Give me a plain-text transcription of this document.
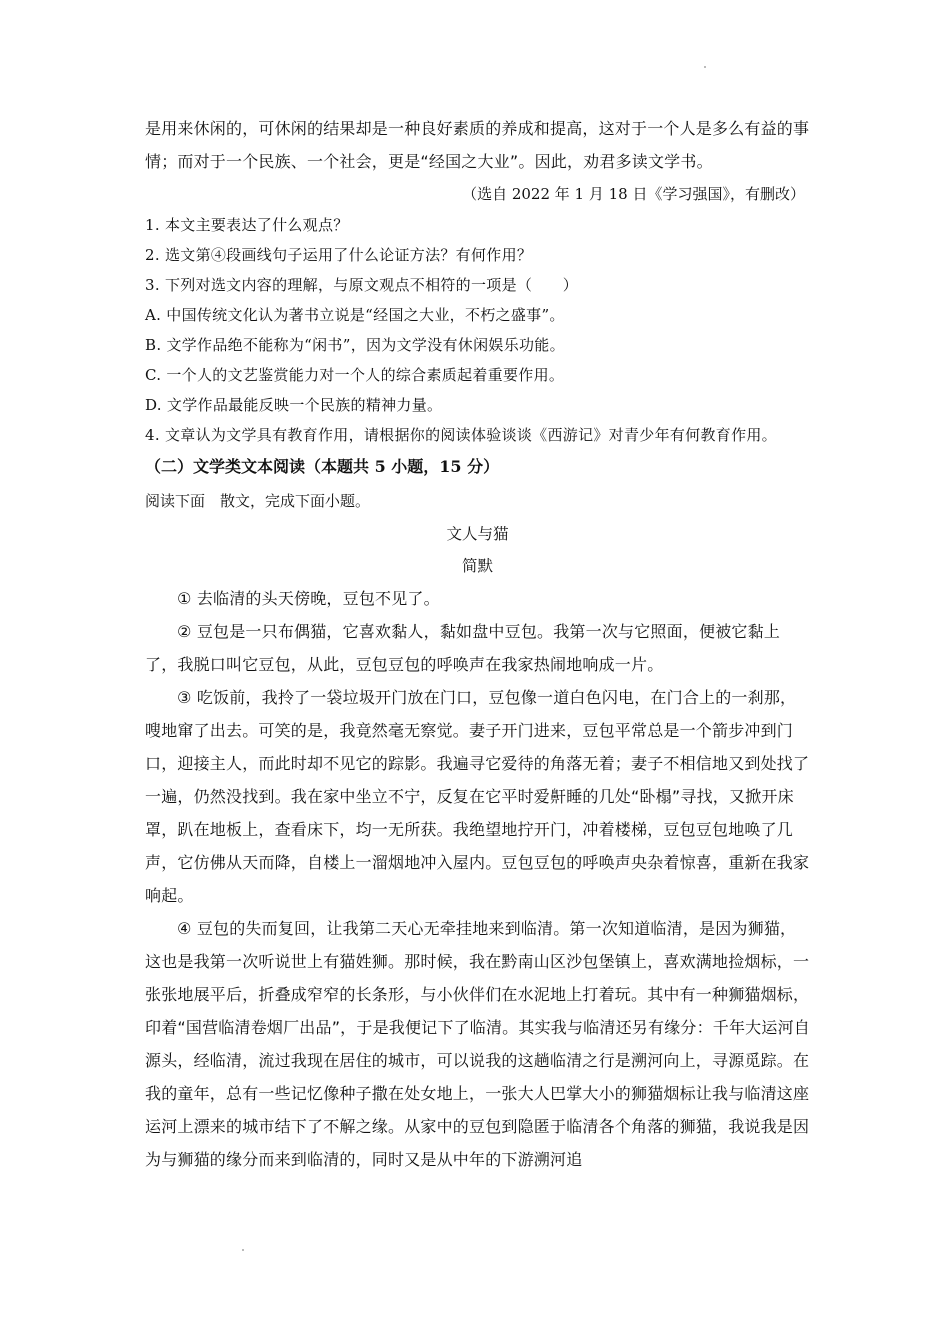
是用来休闲的，可休闲的结果却是一种良好素质的养成和提高，这对于一个人是多么有益的事情；而对于一个民族、一个社会，更是“经国之大业”。因此，劝君多读文学书。

（选自 2022 年 1 月 18 日《学习强国》，有删改）

1. 本文主要表达了什么观点？

2. 选文第④段画线句子运用了什么论证方法？有何作用？

3. 下列对选文内容的理解，与原文观点不相符的一项是（　　）

A. 中国传统文化认为著书立说是“经国之大业，不朽之盛事”。

B. 文学作品绝不能称为“闲书”，因为文学没有休闲娱乐功能。

C. 一个人的文艺鉴赏能力对一个人的综合素质起着重要作用。

D. 文学作品最能反映一个民族的精神力量。

4. 文章认为文学具有教育作用，请根据你的阅读体验谈谈《西游记》对青少年有何教育作用。

（二）文学类文本阅读（本题共 5 小题，15 分）

阅读下面　散文，完成下面小题。

文人与猫

简默

① 去临清的头天傍晚，豆包不见了。

② 豆包是一只布偶猫，它喜欢黏人，黏如盘中豆包。我第一次与它照面，便被它黏上了，我脱口叫它豆包，从此，豆包豆包的呼唤声在我家热闹地响成一片。

③ 吃饭前，我拎了一袋垃圾开门放在门口，豆包像一道白色闪电，在门合上的一刹那，嗖地窜了出去。可笑的是，我竟然毫无察觉。妻子开门进来，豆包平常总是一个箭步冲到门口，迎接主人，而此时却不见它的踪影。我遍寻它爱待的角落无着；妻子不相信地又到处找了一遍，仍然没找到。我在家中坐立不宁，反复在它平时爱鼾睡的几处“卧榻”寻找，又掀开床罩，趴在地板上，查看床下，均一无所获。我绝望地拧开门，冲着楼梯，豆包豆包地唤了几声，它仿佛从天而降，自楼上一溜烟地冲入屋内。豆包豆包的呼唤声央杂着惊喜，重新在我家响起。

④ 豆包的失而复回，让我第二天心无牵挂地来到临清。第一次知道临清，是因为狮猫，这也是我第一次听说世上有猫姓狮。那时候，我在黔南山区沙包堡镇上，喜欢满地捡烟标，一张张地展平后，折叠成窄窄的长条形，与小伙伴们在水泥地上打着玩。其中有一种狮猫烟标，印着“国营临清卷烟厂出品”，于是我便记下了临清。其实我与临清还另有缘分：千年大运河自源头，经临清，流过我现在居住的城市，可以说我的这趟临清之行是溯河向上，寻源觅踪。在我的童年，总有一些记忆像种子撒在处女地上，一张大人巴掌大小的狮猫烟标让我与临清这座运河上漂来的城市结下了不解之缘。从家中的豆包到隐匿于临清各个角落的狮猫，我说我是因为与狮猫的缘分而来到临清的，同时又是从中年的下游溯河追
